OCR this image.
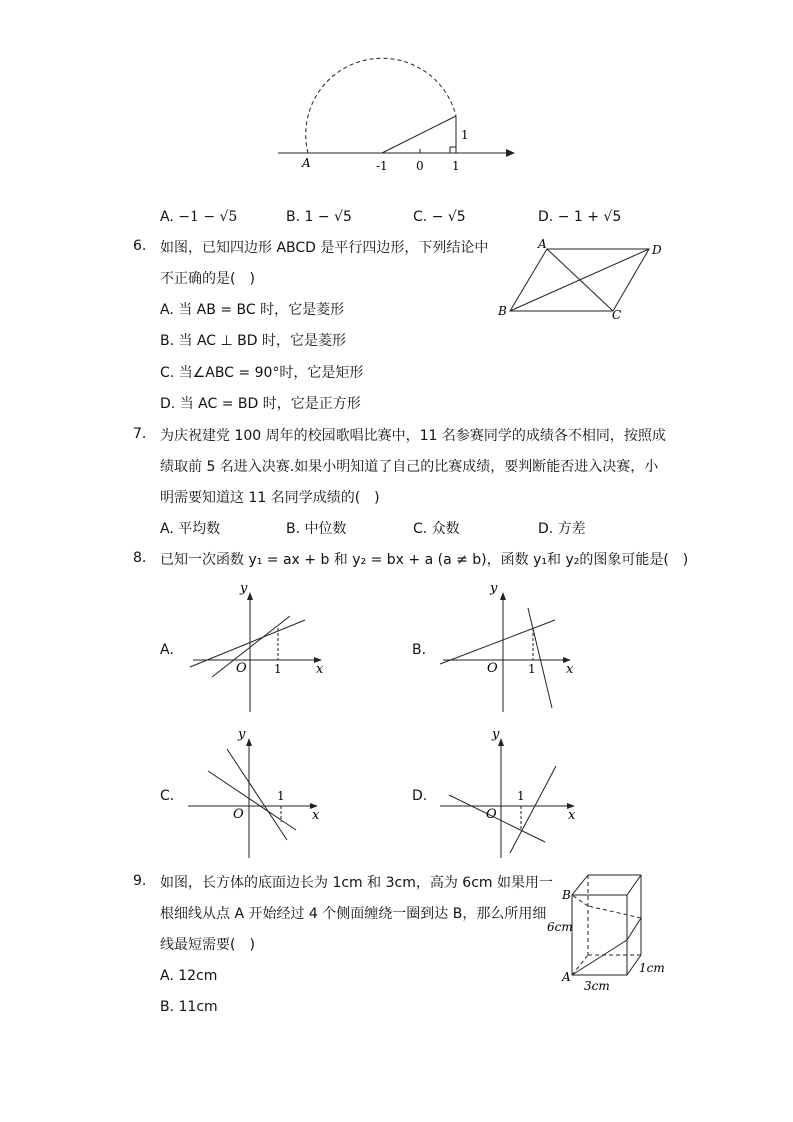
A	-1 0 1
1
A. −1 − √5	B. 1 − √5	C. − √5	D. − 1 + √5
6. 如图，已知四边形 ABCD 是平行四边形，下列结论中
不正确的是(　)
A. 当 AB = BC 时，它是菱形
B. 当 AC ⊥ BD 时，它是菱形
C. 当∠ABC = 90°时，它是矩形
D. 当 AC = BD 时，它是正方形
A	D
B	C
7. 为庆祝建党 100 周年的校园歌唱比赛中，11 名参赛同学的成绩各不相同，按照成
绩取前 5 名进入决赛.如果小明知道了自己的比赛成绩，要判断能否进入决赛，小
明需要知道这 11 名同学成绩的(　)
A. 平均数	B. 中位数	C. 众数	D. 方差
8. 已知一次函数 y₁ = ax + b 和 y₂ = bx + a (a ≠ b)，函数 y₁和 y₂的图象可能是(　)
A.	B.
C.	D.
y
x
O 1
y
x
O	1
y
x
O
1
y
x
O
1
9. 如图，长方体的底面边长为 1cm 和 3cm，高为 6cm 如果用一
根细线从点 A 开始经过 4 个侧面缠绕一圈到达 B，那么所用细
线最短需要(　)
A. 12cm
B. 11cm
B
A
6cm
3cm
1cm
